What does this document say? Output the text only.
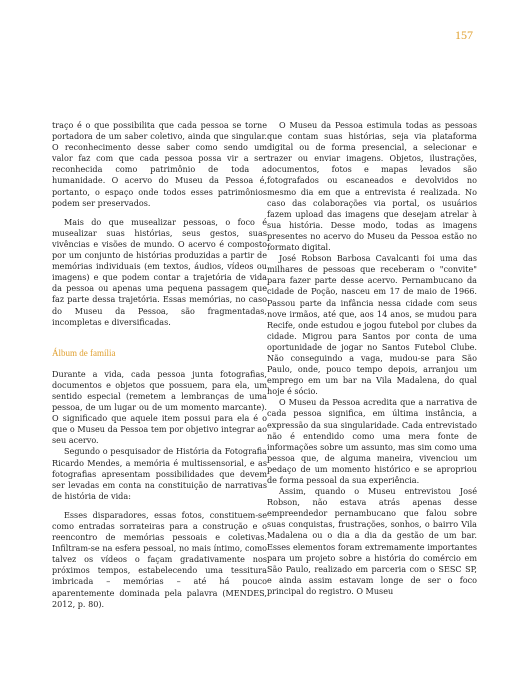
157

traço é o que possibilita que cada pessoa se torne portadora de um saber coletivo, ainda que singular. O reconhecimento desse saber como sendo um valor faz com que cada pessoa possa vir a ser reconhecida como patrimônio de toda a humanidade. O acervo do Museu da Pessoa é, portanto, o espaço onde todos esses patrimônios podem ser preservados.

Mais do que musealizar pessoas, o foco é musealizar suas histórias, seus gestos, suas vivências e visões de mundo. O acervo é composto por um conjunto de histórias produzidas a partir de memórias individuais (em textos, áudios, vídeos ou imagens) e que podem contar a trajetória de vida da pessoa ou apenas uma pequena passagem que faz parte dessa trajetória. Essas memórias, no caso do Museu da Pessoa, são fragmentadas, incompletas e diversificadas.

Álbum de família

Durante a vida, cada pessoa junta fotografias, documentos e objetos que possuem, para ela, um sentido especial (remetem a lembranças de uma pessoa, de um lugar ou de um momento marcante). O significado que aquele item possui para ela é o que o Museu da Pessoa tem por objetivo integrar ao seu acervo.

Segundo o pesquisador de História da Fotografia Ricardo Mendes, a memória é multissensorial, e as fotografias apresentam possibilidades que devem ser levadas em conta na constituição de narrativas de história de vida:

Esses disparadores, essas fotos, constituem-se como entradas sorrateiras para a construção e o reencontro de memórias pessoais e coletivas. Infiltram-se na esfera pessoal, no mais íntimo, como talvez os vídeos o façam gradativamente nos próximos tempos, estabelecendo uma tessitura imbricada – memórias – até há pouco aparentemente dominada pela palavra (MENDES, 2012, p. 80).

O Museu da Pessoa estimula todas as pessoas que contam suas histórias, seja via plataforma digital ou de forma presencial, a selecionar e trazer ou enviar imagens. Objetos, ilustrações, documentos, fotos e mapas levados são fotografados ou escaneados e devolvidos no mesmo dia em que a entrevista é realizada. No caso das colaborações via portal, os usuários fazem upload das imagens que desejam atrelar à sua história. Desse modo, todas as imagens presentes no acervo do Museu da Pessoa estão no formato digital.

José Robson Barbosa Cavalcanti foi uma das milhares de pessoas que receberam o "convite" para fazer parte desse acervo. Pernambucano da cidade de Poção, nasceu em 17 de maio de 1966. Passou parte da infância nessa cidade com seus nove irmãos, até que, aos 14 anos, se mudou para Recife, onde estudou e jogou futebol por clubes da cidade. Migrou para Santos por conta de uma oportunidade de jogar no Santos Futebol Clube. Não conseguindo a vaga, mudou-se para São Paulo, onde, pouco tempo depois, arranjou um emprego em um bar na Vila Madalena, do qual hoje é sócio.

O Museu da Pessoa acredita que a narrativa de cada pessoa significa, em última instância, a expressão da sua singularidade. Cada entrevistado não é entendido como uma mera fonte de informações sobre um assunto, mas sim como uma pessoa que, de alguma maneira, vivenciou um pedaço de um momento histórico e se apropriou de forma pessoal da sua experiência.

Assim, quando o Museu entrevistou José Robson, não estava atrás apenas desse empreendedor pernambucano que falou sobre suas conquistas, frustrações, sonhos, o bairro Vila Madalena ou o dia a dia da gestão de um bar. Esses elementos foram extremamente importantes para um projeto sobre a história do comércio em São Paulo, realizado em parceria com o SESC SP, e ainda assim estavam longe de ser o foco principal do registro. O Museu
